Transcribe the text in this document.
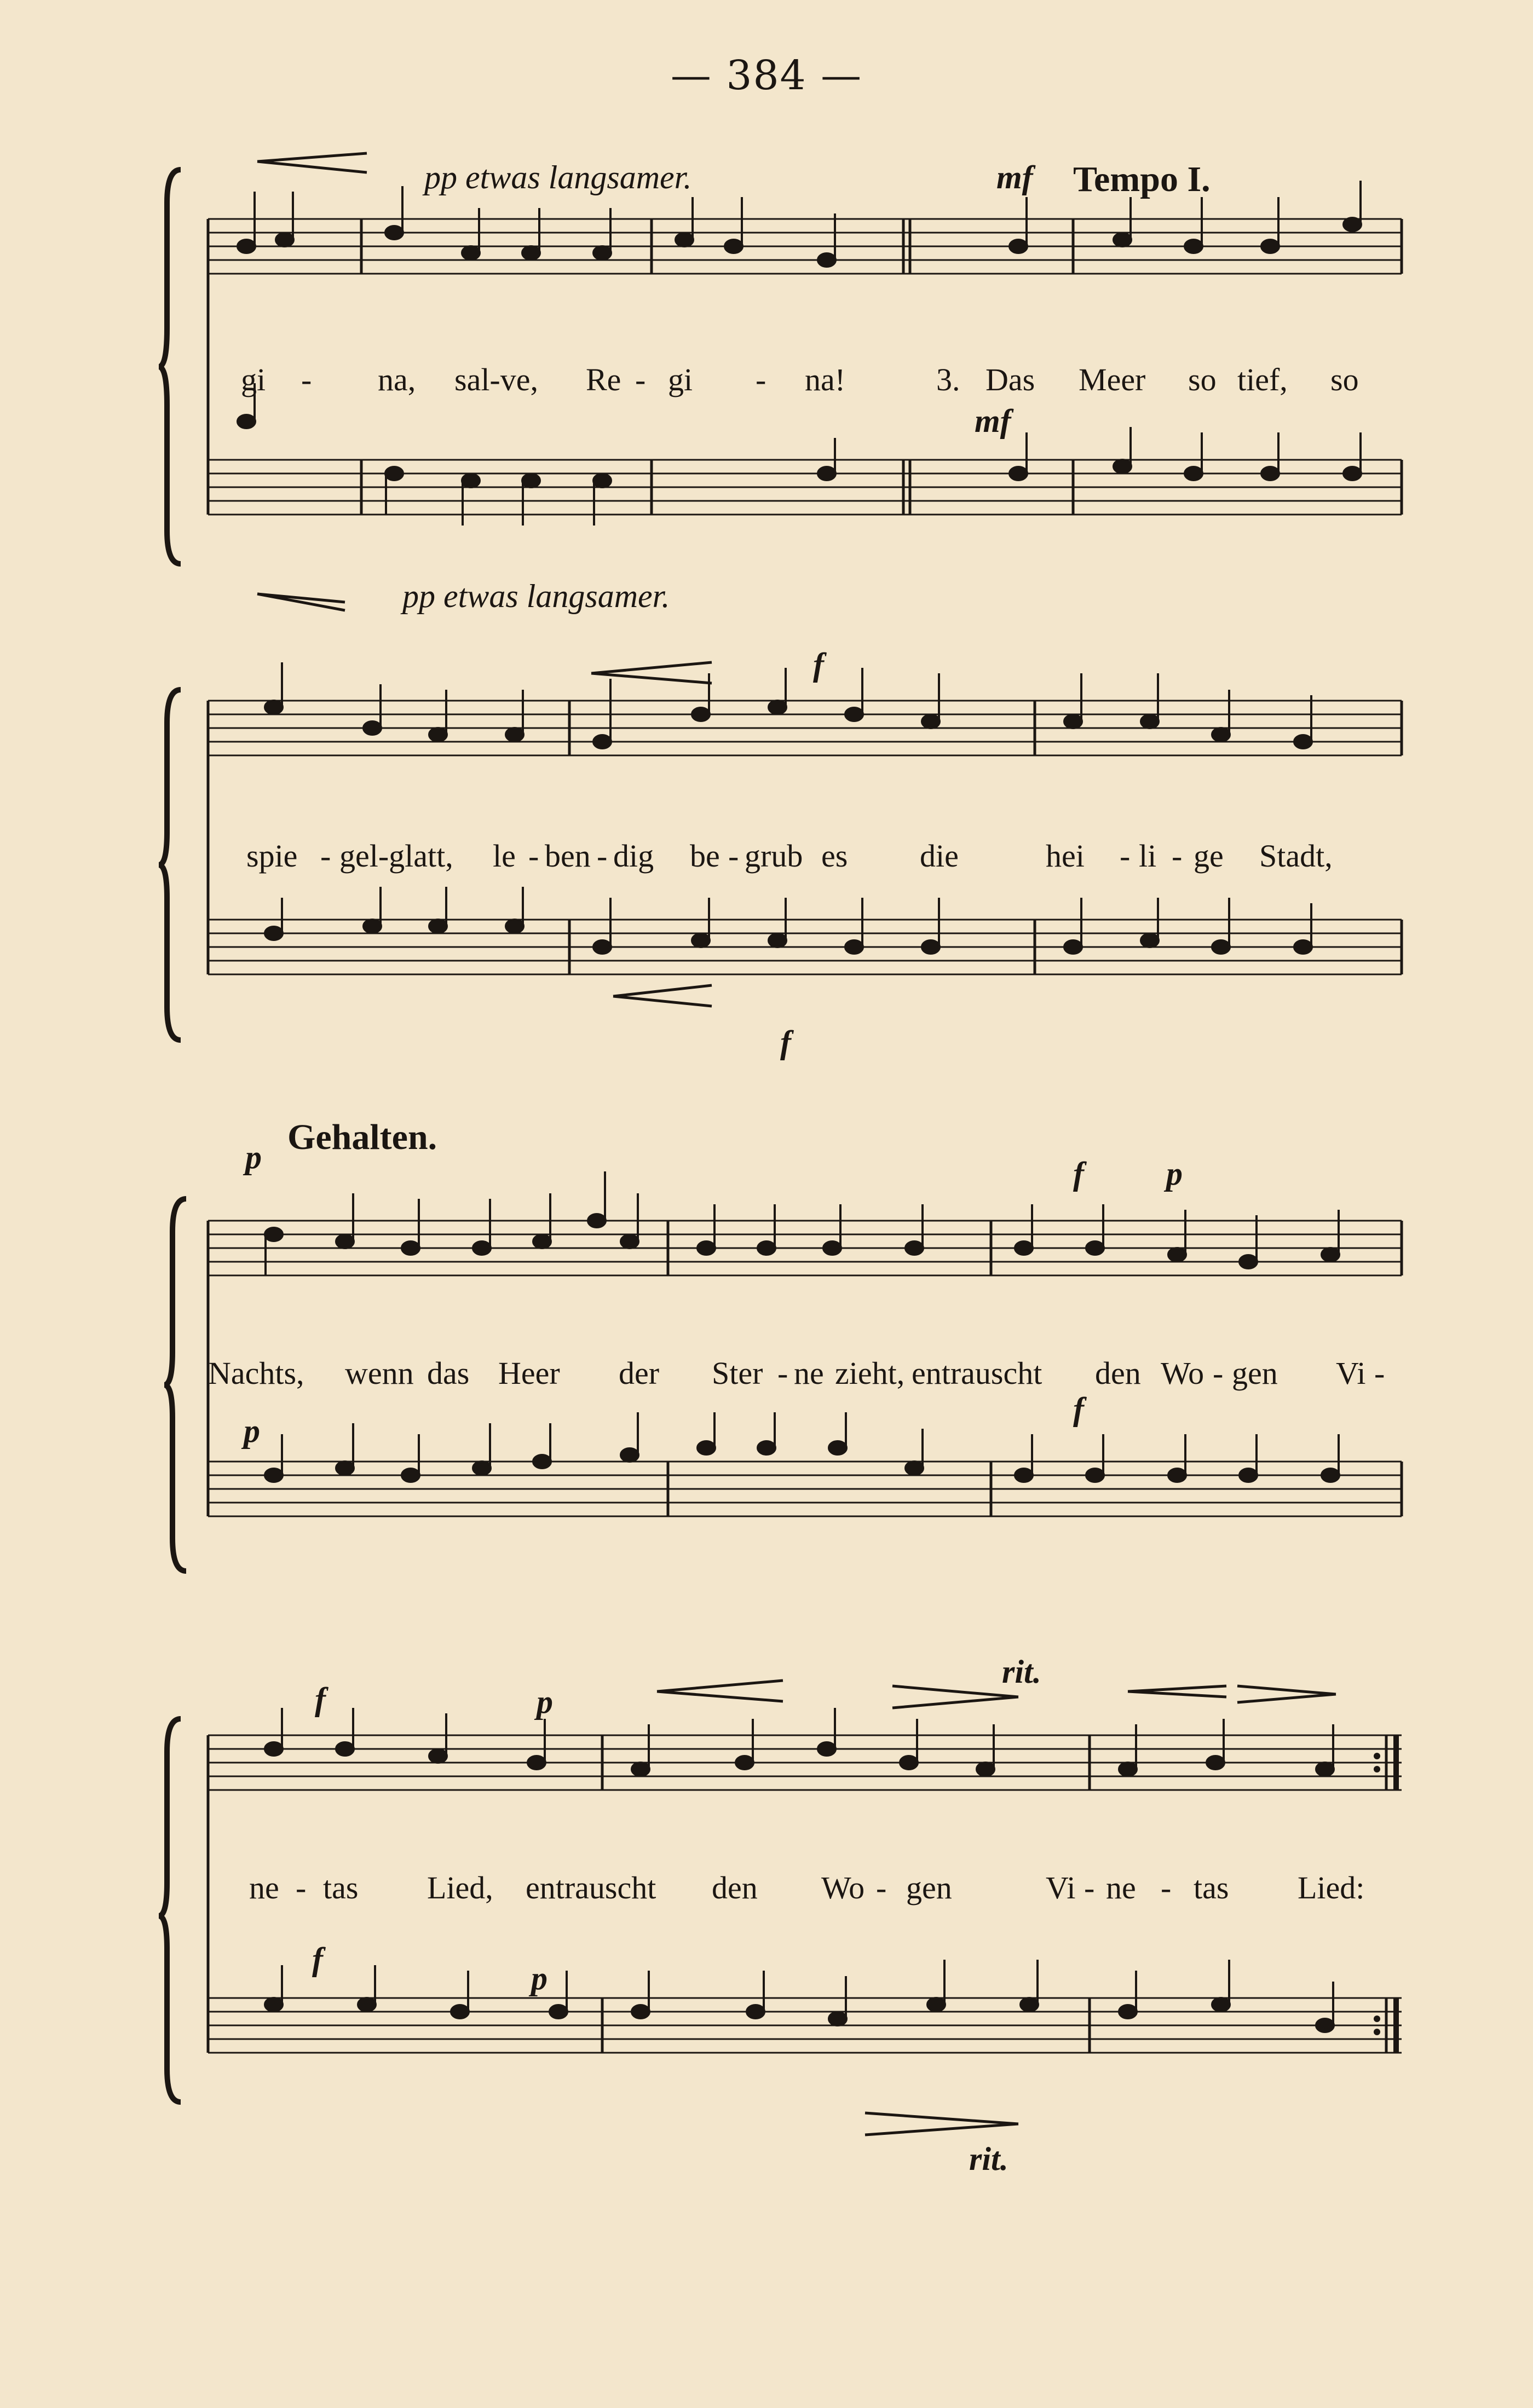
— 384 —
pp etwas langsamer.	mf Tempo I.
mf
pp etwas langsamer.
gi - na, sal-ve, Re - gi - na!	3. Das Meer so tief, so
f
f
spie - gel-glatt, le - ben - dig be - grub es die	hei - li - ge Stadt,
Gehalten.
p	f	p
p
f
Nachts, wenn das Heer der Ster - ne zieht, entrauscht den Wo - gen Vi -
rit.
rit.
f	p
f
p
ne - tas Lied, entrauscht den Wo - gen	Vi - ne - tas Lied:
